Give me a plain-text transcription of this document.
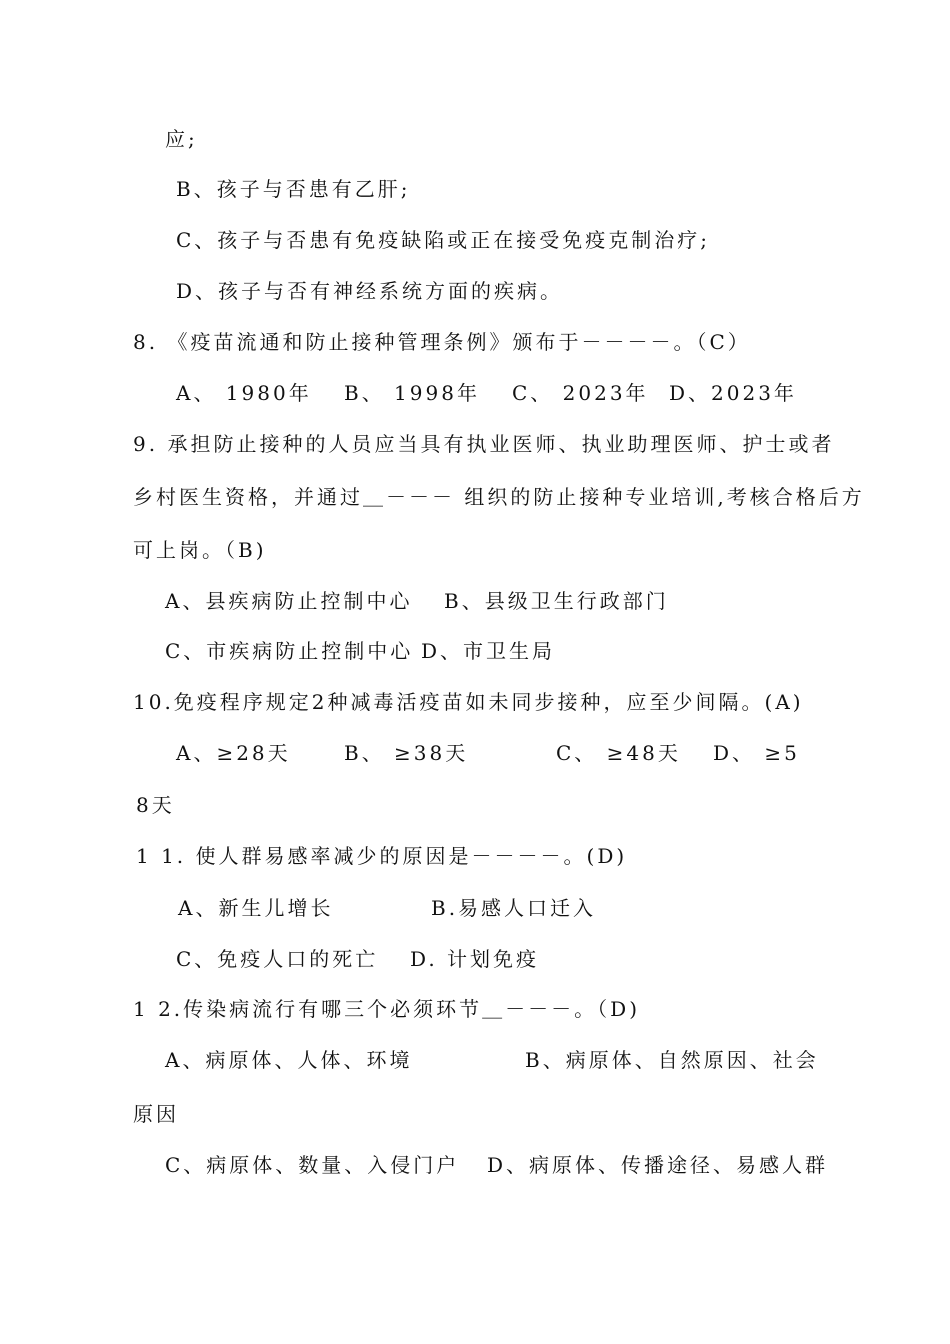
应;
B、孩子与否患有乙肝;
C、孩子与否患有免疫缺陷或正在接受免疫克制治疗;
D、孩子与否有神经系统方面的疾病。
8. 《疫苗流通和防止接种管理条例》颁布于－－－－。（C）
A、 1980年 B、 1998年 C、 2023年 D、2023年
9. 承担防止接种的人员应当具有执业医师、执业助理医师、护士或者
乡村医生资格，并通过＿－－－ 组织的防止接种专业培训,考核合格后方
可上岗。（B)
A、县疾病防止控制中心 B、县级卫生行政部门
C、市疾病防止控制中心 D、市卫生局
10.免疫程序规定2种减毒活疫苗如未同步接种，应至少间隔。(A)
A、≥28天	B、 ≥38天	C、 ≥48天 D、 ≥5
8天
1 1. 使人群易感率减少的原因是－－－－。(D)
A、新生儿增长	B.易感人口迁入
C、免疫人口的死亡 D. 计划免疫
1 2.传染病流行有哪三个必须环节＿－－－。（D)
A、病原体、人体、环境	B、病原体、自然原因、社会
原因
C、病原体、数量、入侵门户 D、病原体、传播途径、易感人群
